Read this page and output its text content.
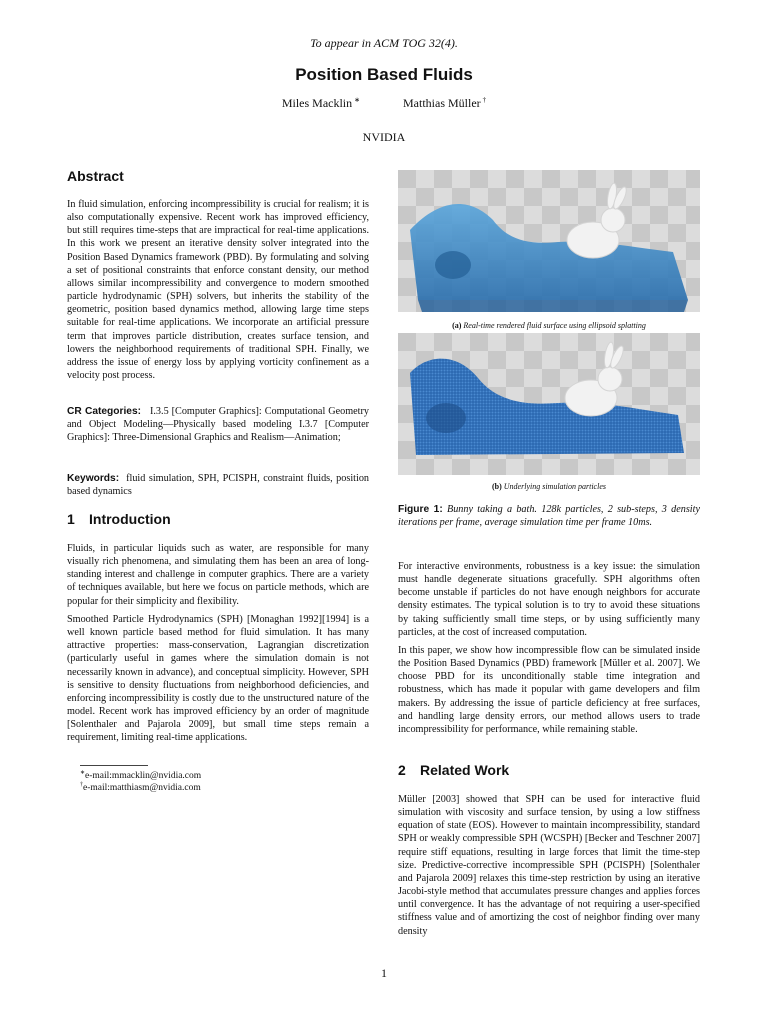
To appear in ACM TOG 32(4).
Position Based Fluids
Miles Macklin ∗	Matthias Müller †
NVIDIA
Abstract

In fluid simulation, enforcing incompressibility is crucial for realism; it is also computationally expensive. Recent work has improved efficiency, but still requires time-steps that are impractical for real-time applications. In this work we present an iterative density solver integrated into the Position Based Dynamics framework (PBD). By formulating and solving a set of positional constraints that enforce constant density, our method allows similar incompressibility and convergence to modern smoothed particle hydrodynamic (SPH) solvers, but inherits the stability of the geometric, position based dynamics method, allowing large time steps suitable for real-time applications. We incorporate an artificial pressure term that improves particle distribution, creates surface tension, and lowers the neighborhood requirements of traditional SPH. Finally, we address the issue of energy loss by applying vorticity confinement as a velocity post process.

CR Categories: I.3.5 [Computer Graphics]: Computational Geometry and Object Modeling—Physically based modeling I.3.7 [Computer Graphics]: Three-Dimensional Graphics and Realism—Animation;

Keywords: fluid simulation, SPH, PCISPH, constraint fluids, position based dynamics

1 Introduction

Fluids, in particular liquids such as water, are responsible for many visually rich phenomena, and simulating them has been an area of long-standing interest and challenge in computer graphics. There are a variety of techniques available, but here we focus on particle methods, which are popular for their simplicity and flexibility.

Smoothed Particle Hydrodynamics (SPH) [Monaghan 1992][1994] is a well known particle based method for fluid simulation. It has many attractive properties: mass-conservation, Lagrangian discretization (particularly useful in games where the simulation domain is not necessarily known in advance), and conceptual simplicity. However, SPH is sensitive to density fluctuations from neighborhood deficiencies, and enforcing incompressibility is costly due to the unstructured nature of the model. Recent work has improved efficiency by an order of magnitude [Solenthaler and Pajarola 2009], but small time steps remain a requirement, limiting real-time applications.

∗e-mail:mmacklin@nvidia.com
†e-mail:matthiasm@nvidia.com
(a) Real-time rendered fluid surface using ellipsoid splatting
(b) Underlying simulation particles

Figure 1: Bunny taking a bath. 128k particles, 2 sub-steps, 3 density iterations per frame, average simulation time per frame 10ms.

For interactive environments, robustness is a key issue: the simulation must handle degenerate situations gracefully. SPH algorithms often become unstable if particles do not have enough neighbors for accurate density estimates. The typical solution is to try to avoid these situations by taking sufficiently small time steps, or by using sufficiently many particles, at the cost of increased computation.

In this paper, we show how incompressible flow can be simulated inside the Position Based Dynamics (PBD) framework [Müller et al. 2007]. We choose PBD for its unconditionally stable time integration and robustness, which has made it popular with game developers and film makers. By addressing the issue of particle deficiency at free surfaces, and handling large density errors, our method allows users to trade incompressibility for performance, while remaining stable.

2 Related Work

Müller [2003] showed that SPH can be used for interactive fluid simulation with viscosity and surface tension, by using a low stiffness equation of state (EOS). However to maintain incompressibility, standard SPH or weakly compressible SPH (WCSPH) [Becker and Teschner 2007] require stiff equations, resulting in large forces that limit the time-step size. Predictive-corrective incompressible SPH (PCISPH) [Solenthaler and Pajarola 2009] relaxes this time-step restriction by using an iterative Jacobi-style method that accumulates pressure changes and applies forces until convergence. It has the advantage of not requiring a user-specified stiffness value and of amortizing the cost of neighbor finding over many density

1
